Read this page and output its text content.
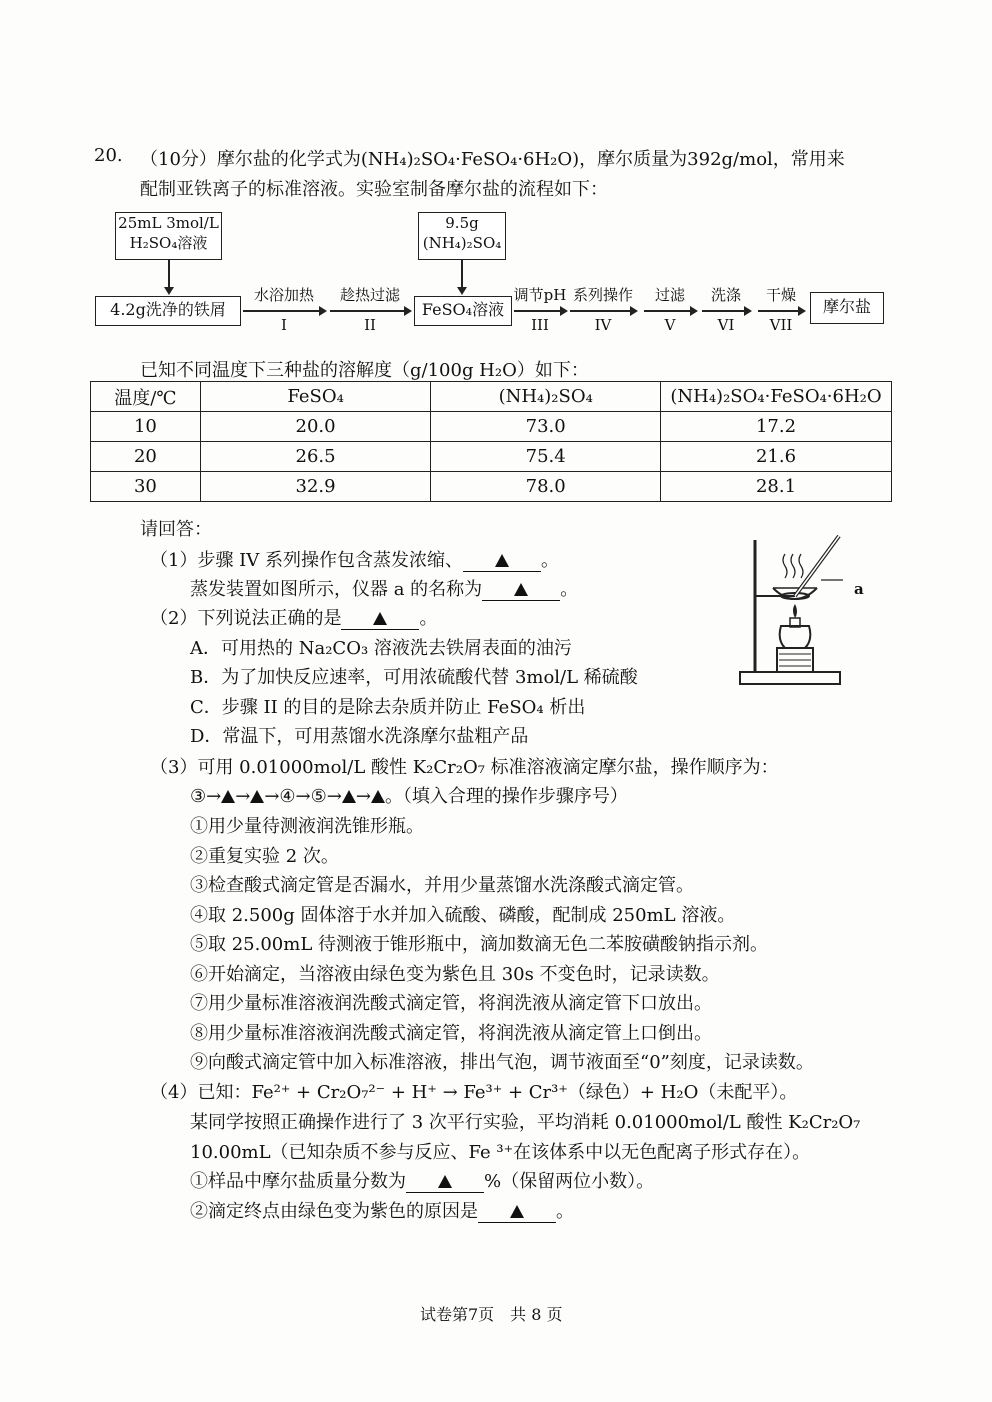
20. （10分）摩尔盐的化学式为(NH₄)₂SO₄·FeSO₄·6H₂O)，摩尔质量为392g/mol，常用来
配制亚铁离子的标准溶液。实验室制备摩尔盐的流程如下：
25mL 3mol/L
H₂SO₄溶液
9.5g
(NH₄)₂SO₄
4.2g洗净的铁屑	FeSO₄溶液	摩尔盐
水浴加热
I
趁热过滤
II
调节pH
III
系列操作
IV
过滤
V
洗涤
VI
干燥
VII
已知不同温度下三种盐的溶解度（g/100g H₂O）如下：
温度/℃	FeSO₄	(NH₄)₂SO₄	(NH₄)₂SO₄·FeSO₄·6H₂O
10	20.0	73.0	17.2
20	26.5	75.4	21.6
30	32.9	78.0	28.1
请回答：
（1）步骤 IV 系列操作包含蒸发浓缩、	。
蒸发装置如图所示，仪器 a 的名称为	。	a
（2）下列说法正确的是	。
A．可用热的 Na₂CO₃ 溶液洗去铁屑表面的油污
B．为了加快反应速率，可用浓硫酸代替 3mol/L 稀硫酸
C．步骤 II 的目的是除去杂质并防止 FeSO₄ 析出
D．常温下，可用蒸馏水洗涤摩尔盐粗产品
（3）可用 0.01000mol/L 酸性 K₂Cr₂O₇ 标准溶液滴定摩尔盐，操作顺序为：
③→ → →④→⑤→ → 。（填入合理的操作步骤序号）
①用少量待测液润洗锥形瓶。
②重复实验 2 次。
③检查酸式滴定管是否漏水，并用少量蒸馏水洗涤酸式滴定管。
④取 2.500g 固体溶于水并加入硫酸、磷酸，配制成 250mL 溶液。
⑤取 25.00mL 待测液于锥形瓶中，滴加数滴无色二苯胺磺酸钠指示剂。
⑥开始滴定，当溶液由绿色变为紫色且 30s 不变色时，记录读数。
⑦用少量标准溶液润洗酸式滴定管，将润洗液从滴定管下口放出。
⑧用少量标准溶液润洗酸式滴定管，将润洗液从滴定管上口倒出。
⑨向酸式滴定管中加入标准溶液，排出气泡，调节液面至“0”刻度，记录读数。
（4）已知：Fe²⁺ + Cr₂O₇²⁻ + H⁺ → Fe³⁺ + Cr³⁺（绿色）+ H₂O（未配平）。
某同学按照正确操作进行了 3 次平行实验，平均消耗 0.01000mol/L 酸性 K₂Cr₂O₇
10.00mL（已知杂质不参与反应、Fe ³⁺在该体系中以无色配离子形式存在）。
①样品中摩尔盐质量分数为	%（保留两位小数）。
②滴定终点由绿色变为紫色的原因是	。
试卷第7页　共 8 页
